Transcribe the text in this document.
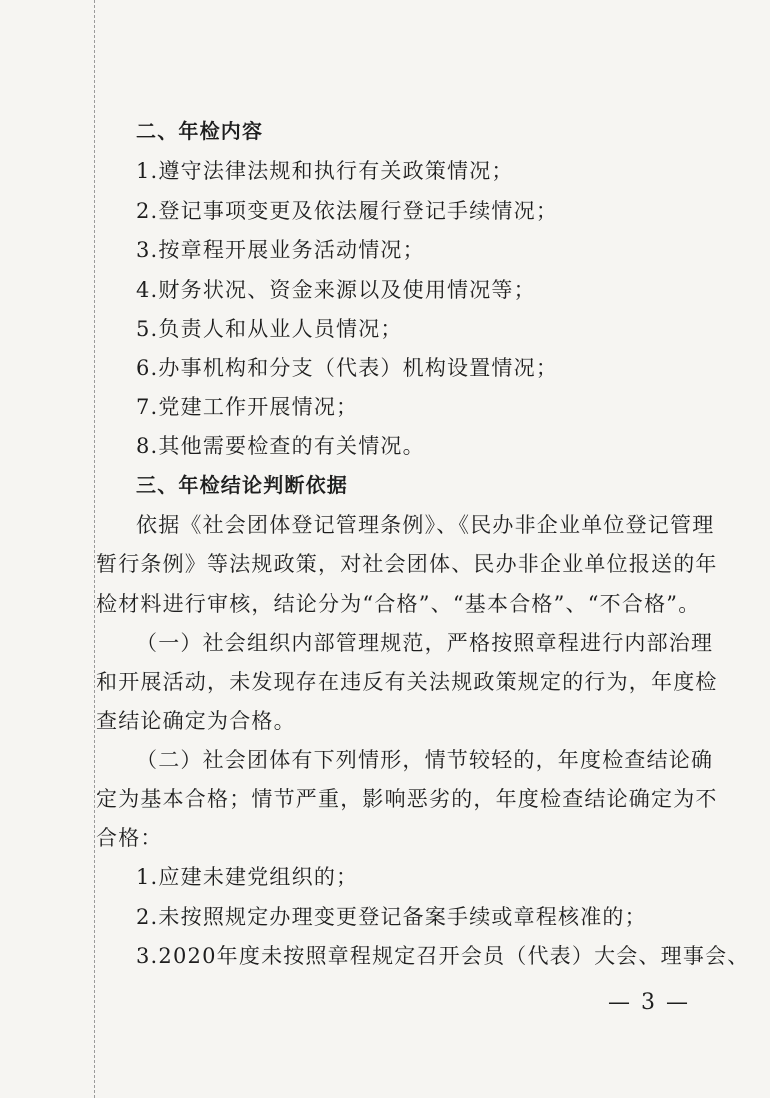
二、年检内容
1.遵守法律法规和执行有关政策情况；
2.登记事项变更及依法履行登记手续情况；
3.按章程开展业务活动情况；
4.财务状况、资金来源以及使用情况等；
5.负责人和从业人员情况；
6.办事机构和分支（代表）机构设置情况；
7.党建工作开展情况；
8.其他需要检查的有关情况。
三、年检结论判断依据
依据《社会团体登记管理条例》、《民办非企业单位登记管理
暂行条例》等法规政策，对社会团体、民办非企业单位报送的年
检材料进行审核，结论分为“合格”、“基本合格”、“不合格”。
（一）社会组织内部管理规范，严格按照章程进行内部治理
和开展活动，未发现存在违反有关法规政策规定的行为，年度检
查结论确定为合格。
（二）社会团体有下列情形，情节较轻的，年度检查结论确
定为基本合格；情节严重，影响恶劣的，年度检查结论确定为不
合格：
1.应建未建党组织的；
2.未按照规定办理变更登记备案手续或章程核准的；
3.2020年度未按照章程规定召开会员（代表）大会、理事会、
— 3 —
